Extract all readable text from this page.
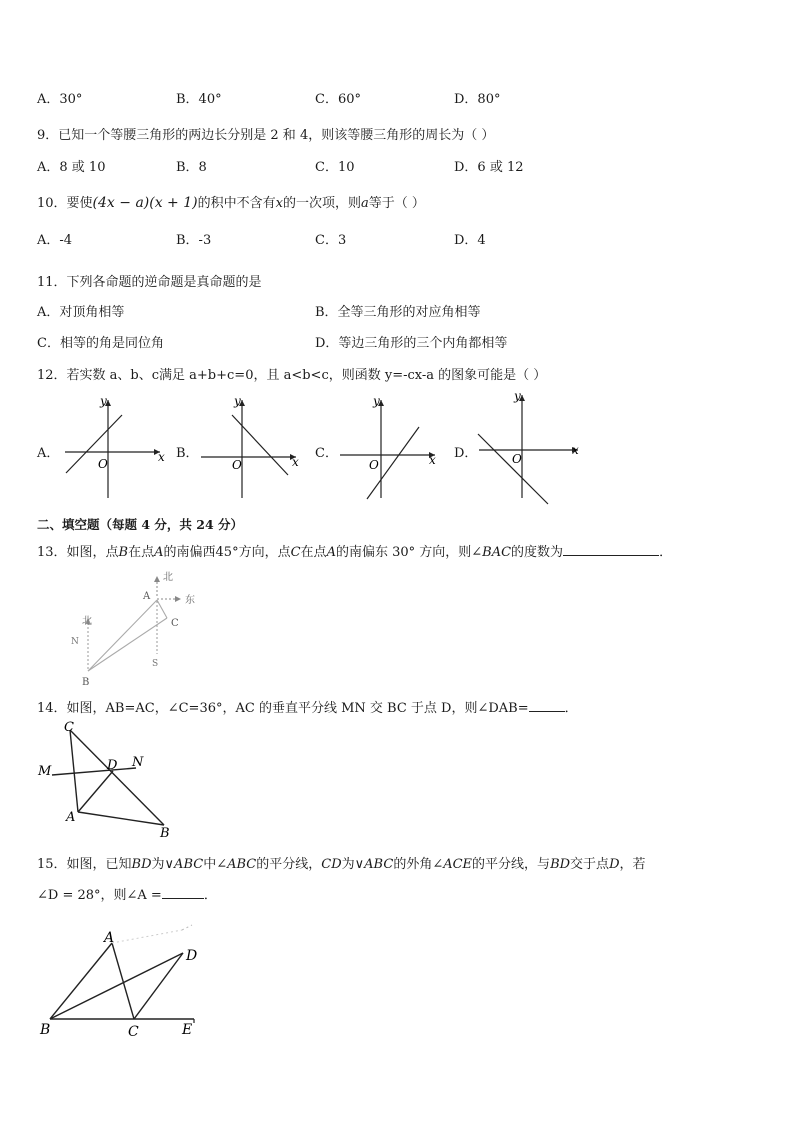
A．30°	B．40°	C．60°	D．80°
9．已知一个等腰三角形的两边长分别是 2 和 4，则该等腰三角形的周长为（ ）
A．8 或 10	B．8	C．10	D．6 或 12
10．要使(4x − a)(x + 1)的积中不含有x的一次项，则a等于（ ）
A．-4	B．-3	C．3	D．4
11．下列各命题的逆命题是真命题的是
A．对顶角相等	B．全等三角形的对应角相等
C．相等的角是同位角	D．等边三角形的三个内角都相等
12．若实数 a、b、c满足 a+b+c=0，且 a<b<c，则函数 y=-cx-a 的图象可能是（ ）
A．	x
y
O
B．
x
y
O
C．	x
y
O
D．	x
y
O
二、填空题（每题 4 分，共 24 分）
13．如图，点B在点A的南偏西45°方向，点C在点A的南偏东 30° 方向，则∠BAC的度数为	．
北
东
S
北
N
A
B
C
14．如图，AB=AC，∠C=36°，AC 的垂直平分线 MN 交 BC 于点 D，则∠DAB=	．
C
M	D N
A
B
15．如图，已知BD为∨ABC中∠ABC的平分线，CD为∨ABC的外角∠ACE的平分线，与BD交于点D，若
∠D = 28°，则∠A =	．
A
D
B	C	E
